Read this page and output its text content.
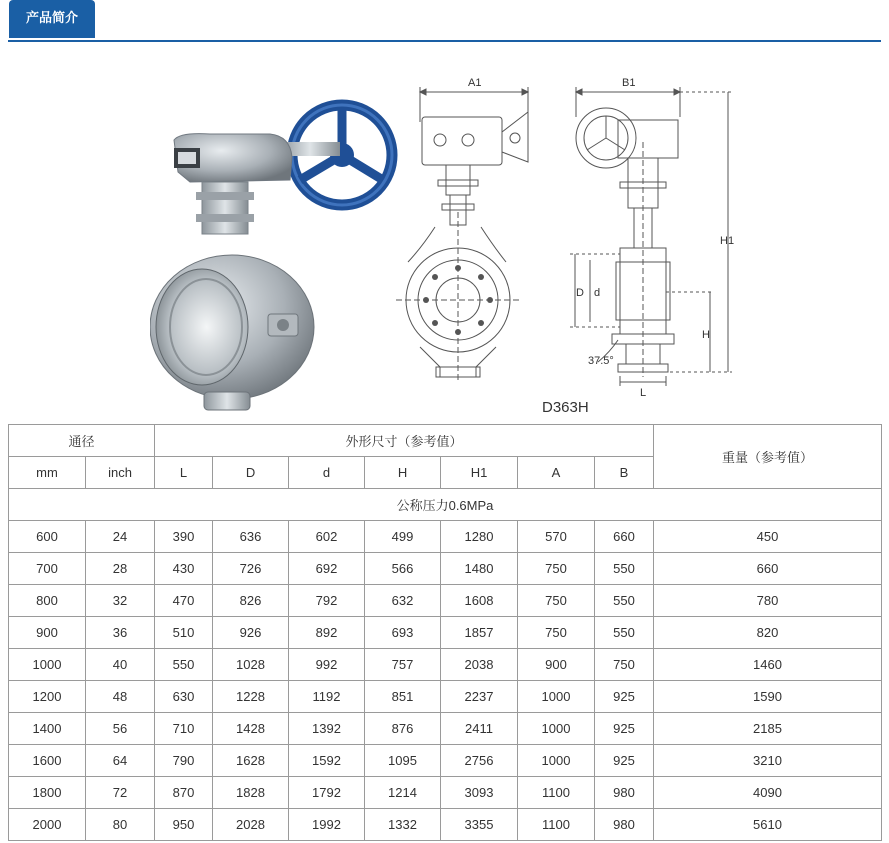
产品简介
A1	B1
H1
D d
H
L
37.5°
D363H
通径		外形尺寸（参考值）							重量（参考值）
mm	inch	L	D	d	H	H1	A	B	
公称压力0.6MPa									
600	24	390	636	602	499	1280	570	660	450
700	28	430	726	692	566	1480	750	550	660
800	32	470	826	792	632	1608	750	550	780
900	36	510	926	892	693	1857	750	550	820
1000	40	550	1028	992	757	2038	900	750	1460
1200	48	630	1228	1192	851	2237	1000	925	1590
1400	56	710	1428	1392	876	2411	1000	925	2185
1600	64	790	1628	1592	1095	2756	1000	925	3210
1800	72	870	1828	1792	1214	3093	1100	980	4090
2000	80	950	2028	1992	1332	3355	1100	980	5610
